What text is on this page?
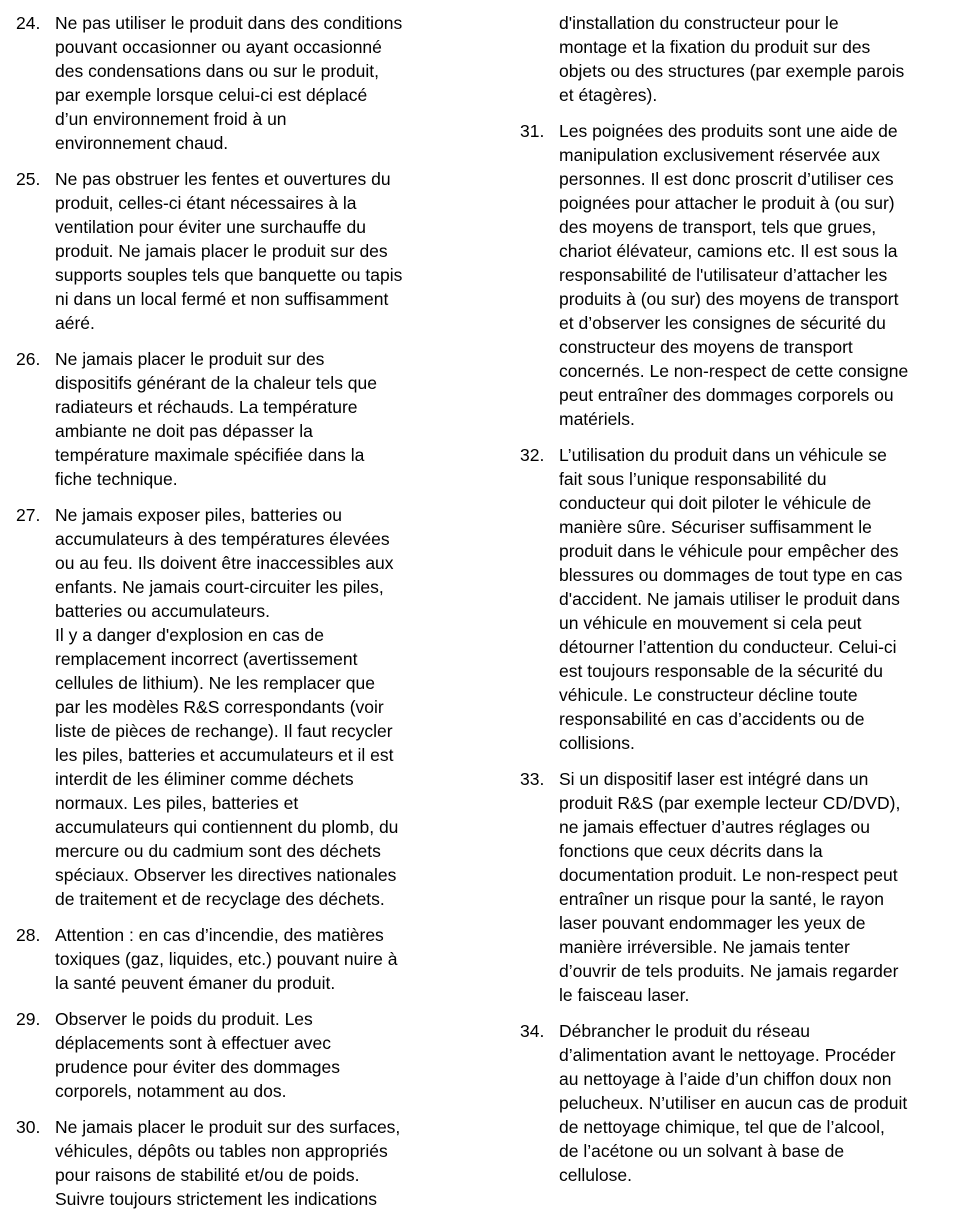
24. Ne pas utiliser le produit dans des conditions
pouvant occasionner ou ayant occasionné
des condensations dans ou sur le produit,
par exemple lorsque celui-ci est déplacé
d’un environnement froid à un
environnement chaud.
25. Ne pas obstruer les fentes et ouvertures du
produit, celles-ci étant nécessaires à la
ventilation pour éviter une surchauffe du
produit. Ne jamais placer le produit sur des
supports souples tels que banquette ou tapis
ni dans un local fermé et non suffisamment
aéré.
26. Ne jamais placer le produit sur des
dispositifs générant de la chaleur tels que
radiateurs et réchauds. La température
ambiante ne doit pas dépasser la
température maximale spécifiée dans la
fiche technique.
27. Ne jamais exposer piles, batteries ou
accumulateurs à des températures élevées
ou au feu. Ils doivent être inaccessibles aux
enfants. Ne jamais court-circuiter les piles,
batteries ou accumulateurs.
Il y a danger d'explosion en cas de
remplacement incorrect (avertissement
cellules de lithium). Ne les remplacer que
par les modèles R&S correspondants (voir
liste de pièces de rechange). Il faut recycler
les piles, batteries et accumulateurs et il est
interdit de les éliminer comme déchets
normaux. Les piles, batteries et
accumulateurs qui contiennent du plomb, du
mercure ou du cadmium sont des déchets
spéciaux. Observer les directives nationales
de traitement et de recyclage des déchets.
28. Attention : en cas d’incendie, des matières
toxiques (gaz, liquides, etc.) pouvant nuire à
la santé peuvent émaner du produit.
29. Observer le poids du produit. Les
déplacements sont à effectuer avec
prudence pour éviter des dommages
corporels, notamment au dos.
30. Ne jamais placer le produit sur des surfaces,
véhicules, dépôts ou tables non appropriés
pour raisons de stabilité et/ou de poids.
Suivre toujours strictement les indications
d'installation du constructeur pour le
montage et la fixation du produit sur des
objets ou des structures (par exemple parois
et étagères).
31. Les poignées des produits sont une aide de
manipulation exclusivement réservée aux
personnes. Il est donc proscrit d’utiliser ces
poignées pour attacher le produit à (ou sur)
des moyens de transport, tels que grues,
chariot élévateur, camions etc. Il est sous la
responsabilité de l'utilisateur d’attacher les
produits à (ou sur) des moyens de transport
et d’observer les consignes de sécurité du
constructeur des moyens de transport
concernés. Le non-respect de cette consigne
peut entraîner des dommages corporels ou
matériels.
32. L’utilisation du produit dans un véhicule se
fait sous l’unique responsabilité du
conducteur qui doit piloter le véhicule de
manière sûre. Sécuriser suffisamment le
produit dans le véhicule pour empêcher des
blessures ou dommages de tout type en cas
d'accident. Ne jamais utiliser le produit dans
un véhicule en mouvement si cela peut
détourner l’attention du conducteur. Celui-ci
est toujours responsable de la sécurité du
véhicule. Le constructeur décline toute
responsabilité en cas d’accidents ou de
collisions.
33. Si un dispositif laser est intégré dans un
produit R&S (par exemple lecteur CD/DVD),
ne jamais effectuer d’autres réglages ou
fonctions que ceux décrits dans la
documentation produit. Le non-respect peut
entraîner un risque pour la santé, le rayon
laser pouvant endommager les yeux de
manière irréversible. Ne jamais tenter
d’ouvrir de tels produits. Ne jamais regarder
le faisceau laser.
34. Débrancher le produit du réseau
d’alimentation avant le nettoyage. Procéder
au nettoyage à l’aide d’un chiffon doux non
pelucheux. N’utiliser en aucun cas de produit
de nettoyage chimique, tel que de l’alcool,
de l’acétone ou un solvant à base de
cellulose.
